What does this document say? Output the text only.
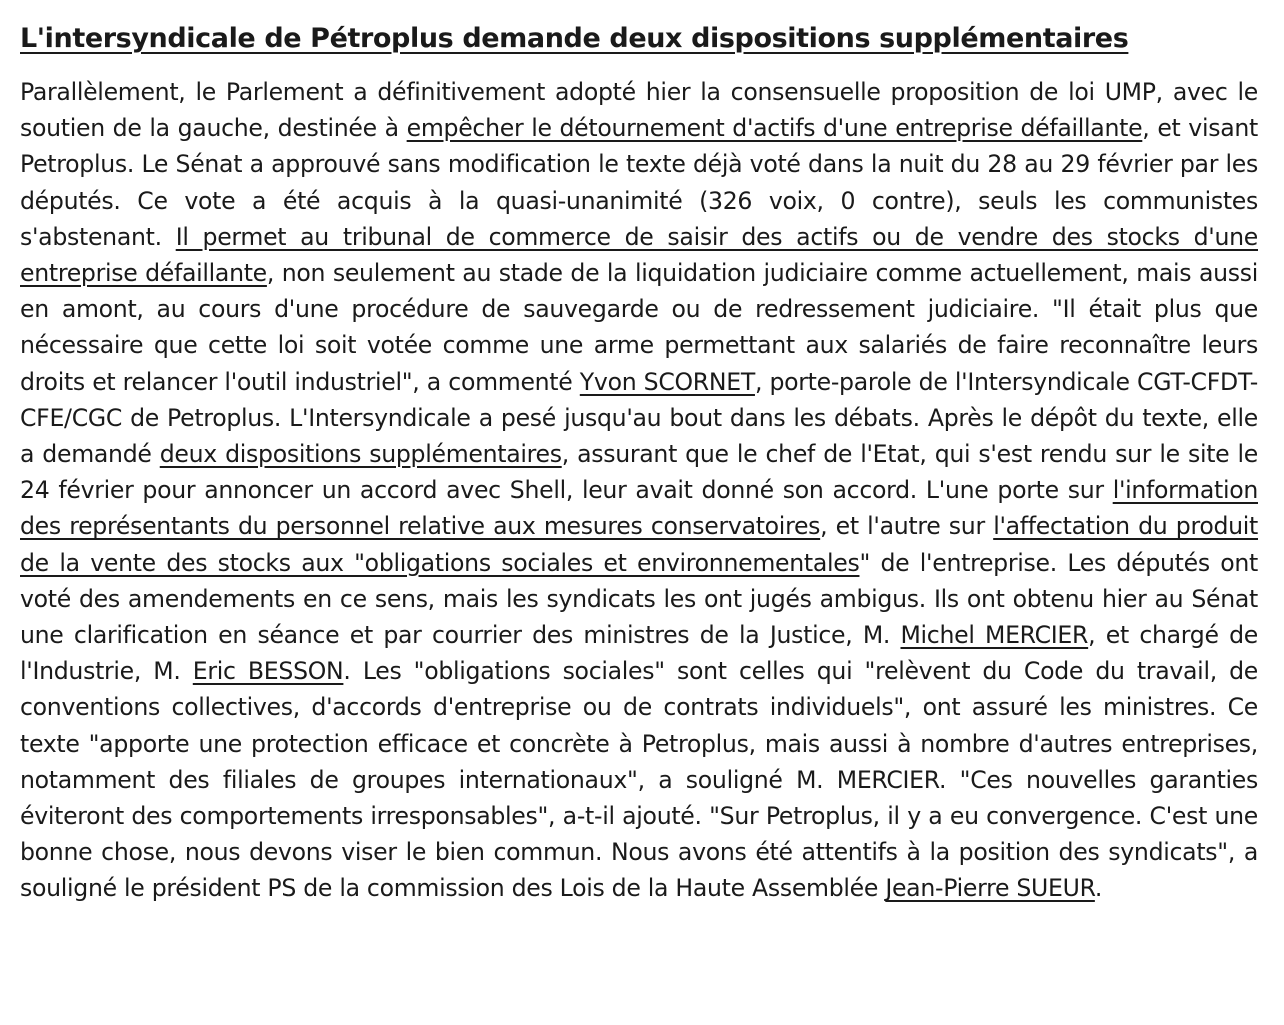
L'intersyndicale de Pétroplus demande deux dispositions supplémentaires

Parallèlement, le Parlement a définitivement adopté hier la consensuelle proposition de loi UMP, avec le soutien de la gauche, destinée à empêcher le détournement d'actifs d'une entreprise défaillante, et visant Petroplus. Le Sénat a approuvé sans modification le texte déjà voté dans la nuit du 28 au 29 février par les députés. Ce vote a été acquis à la quasi-unanimité (326 voix, 0 contre), seuls les communistes s'abstenant. Il permet au tribunal de commerce de saisir des actifs ou de vendre des stocks d'une entreprise défaillante, non seulement au stade de la liquidation judiciaire comme actuellement, mais aussi en amont, au cours d'une procédure de sauvegarde ou de redressement judiciaire. "Il était plus que nécessaire que cette loi soit votée comme une arme permettant aux salariés de faire reconnaître leurs droits et relancer l'outil industriel", a commenté Yvon SCORNET, porte-parole de l'Intersyndicale CGT-CFDT-CFE/CGC de Petroplus. L'Intersyndicale a pesé jusqu'au bout dans les débats. Après le dépôt du texte, elle a demandé deux dispositions supplémentaires, assurant que le chef de l'Etat, qui s'est rendu sur le site le 24 février pour annoncer un accord avec Shell, leur avait donné son accord. L'une porte sur l'information des représentants du personnel relative aux mesures conservatoires, et l'autre sur l'affectation du produit de la vente des stocks aux "obligations sociales et environnementales" de l'entreprise. Les députés ont voté des amendements en ce sens, mais les syndicats les ont jugés ambigus. Ils ont obtenu hier au Sénat une clarification en séance et par courrier des ministres de la Justice, M. Michel MERCIER, et chargé de l'Industrie, M. Eric BESSON. Les "obligations sociales" sont celles qui "relèvent du Code du travail, de conventions collectives, d'accords d'entreprise ou de contrats individuels", ont assuré les ministres. Ce texte "apporte une protection efficace et concrète à Petroplus, mais aussi à nombre d'autres entreprises, notamment des filiales de groupes internationaux", a souligné M. MERCIER. "Ces nouvelles garanties éviteront des comportements irresponsables", a-t-il ajouté. "Sur Petroplus, il y a eu convergence. C'est une bonne chose, nous devons viser le bien commun. Nous avons été attentifs à la position des syndicats", a souligné le président PS de la commission des Lois de la Haute Assemblée Jean-Pierre SUEUR.
